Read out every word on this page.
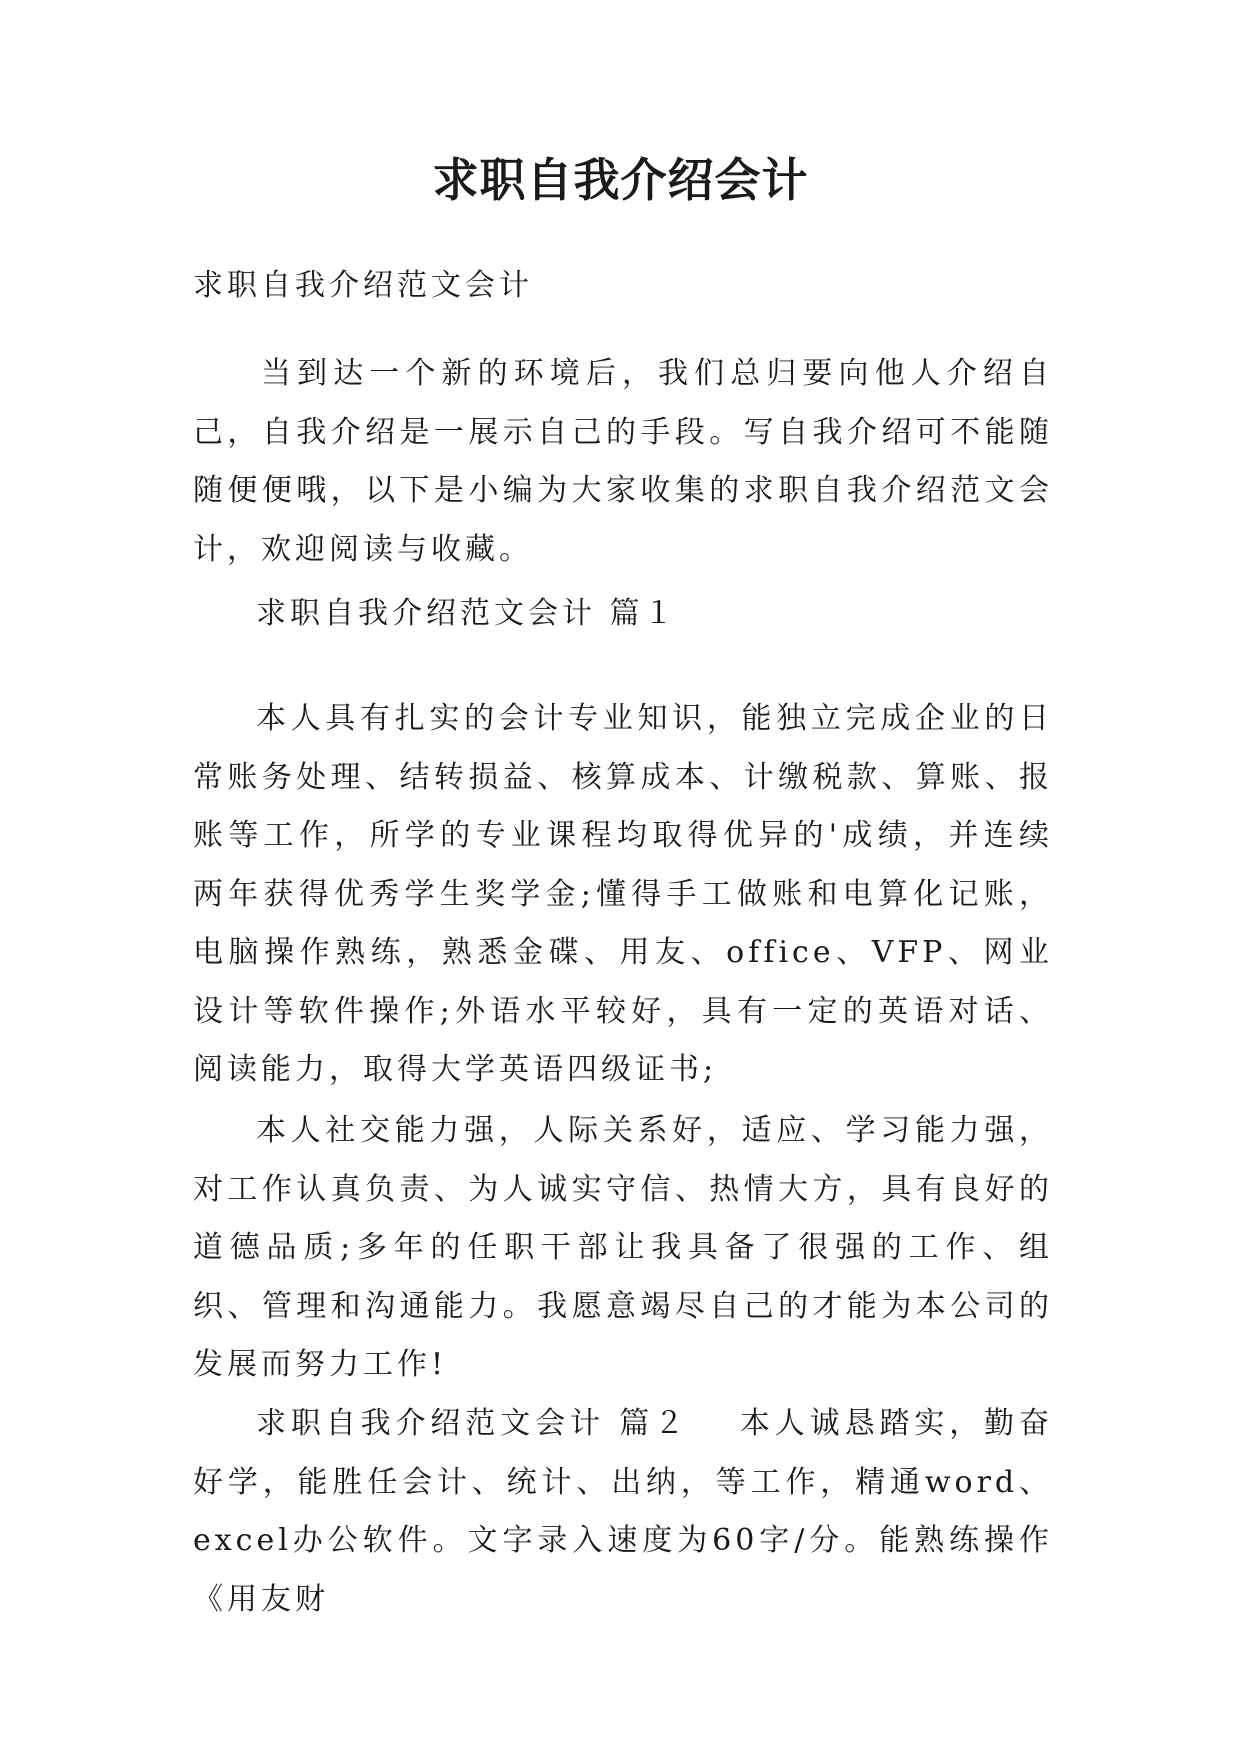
求职自我介绍会计

求职自我介绍范文会计

当到达一个新的环境后，我们总归要向他人介绍自己，自我介绍是一展示自己的手段。写自我介绍可不能随随便便哦，以下是小编为大家收集的求职自我介绍范文会计，欢迎阅读与收藏。

求职自我介绍范文会计 篇１

本人具有扎实的会计专业知识，能独立完成企业的日常账务处理、结转损益、核算成本、计缴税款、算账、报账等工作，所学的专业课程均取得优异的'成绩，并连续两年获得优秀学生奖学金;懂得手工做账和电算化记账，电脑操作熟练，熟悉金碟、用友、office、VFP、网业设计等软件操作;外语水平较好，具有一定的英语对话、阅读能力，取得大学英语四级证书;

本人社交能力强，人际关系好，适应、学习能力强，对工作认真负责、为人诚实守信、热情大方，具有良好的道德品质;多年的任职干部让我具备了很强的工作、组织、管理和沟通能力。我愿意竭尽自己的才能为本公司的发展而努力工作!

求职自我介绍范文会计 篇２ 本人诚恳踏实，勤奋好学，能胜任会计、统计、出纳，等工作，精通word、excel办公软件。文字录入速度为60字/分。能熟练操作《用友财
